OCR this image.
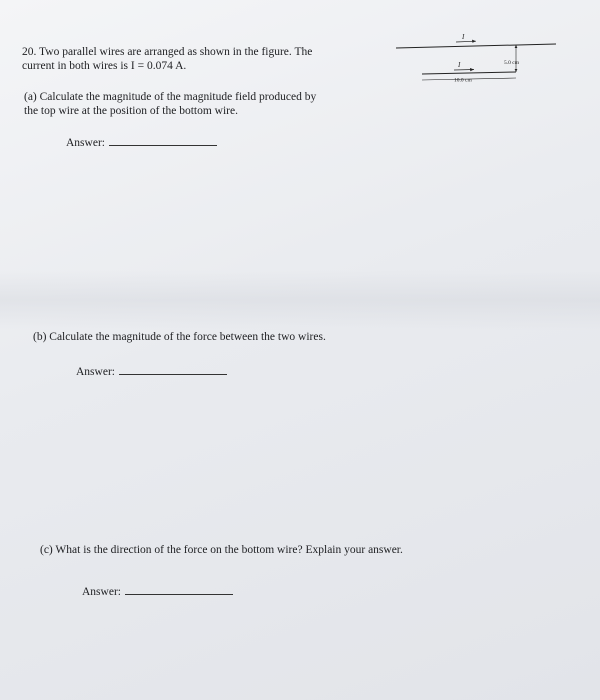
20. Two parallel wires are arranged as shown in the figure. The
current in both wires is I = 0.074 A.
(a) Calculate the magnitude of the magnitude field produced by
the top wire at the position of the bottom wire.
Answer:
(b) Calculate the magnitude of the force between the two wires.
Answer:
(c) What is the direction of the force on the bottom wire? Explain your answer.
Answer:
I
I	5.0 cm
10.0 cm
